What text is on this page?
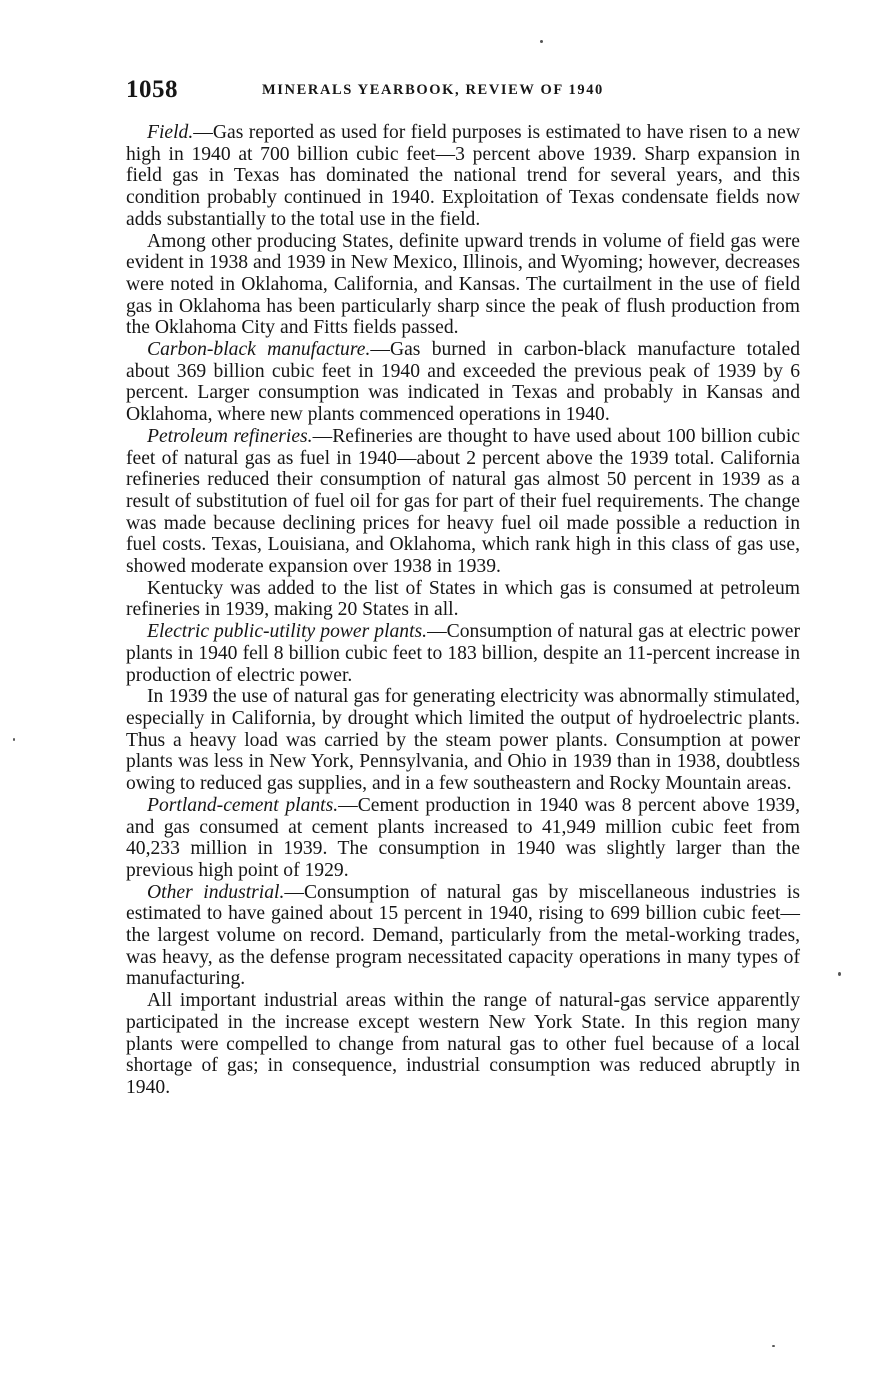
1058	MINERALS YEARBOOK, REVIEW OF 1940

Field.—Gas reported as used for field purposes is estimated to have risen to a new high in 1940 at 700 billion cubic feet—3 percent above 1939. Sharp expansion in field gas in Texas has dominated the national trend for several years, and this condition probably continued in 1940. Exploitation of Texas condensate fields now adds substantially to the total use in the field.

Among other producing States, definite upward trends in volume of field gas were evident in 1938 and 1939 in New Mexico, Illinois, and Wyoming; however, decreases were noted in Oklahoma, California, and Kansas. The curtailment in the use of field gas in Oklahoma has been particularly sharp since the peak of flush production from the Oklahoma City and Fitts fields passed.

Carbon-black manufacture.—Gas burned in carbon-black manufacture totaled about 369 billion cubic feet in 1940 and exceeded the previous peak of 1939 by 6 percent. Larger consumption was indicated in Texas and probably in Kansas and Oklahoma, where new plants commenced operations in 1940.

Petroleum refineries.—Refineries are thought to have used about 100 billion cubic feet of natural gas as fuel in 1940—about 2 percent above the 1939 total. California refineries reduced their consumption of natural gas almost 50 percent in 1939 as a result of substitution of fuel oil for gas for part of their fuel requirements. The change was made because declining prices for heavy fuel oil made possible a reduction in fuel costs. Texas, Louisiana, and Oklahoma, which rank high in this class of gas use, showed moderate expansion over 1938 in 1939.

Kentucky was added to the list of States in which gas is consumed at petroleum refineries in 1939, making 20 States in all.

Electric public-utility power plants.—Consumption of natural gas at electric power plants in 1940 fell 8 billion cubic feet to 183 billion, despite an 11-percent increase in production of electric power.

In 1939 the use of natural gas for generating electricity was abnormally stimulated, especially in California, by drought which limited the output of hydroelectric plants. Thus a heavy load was carried by the steam power plants. Consumption at power plants was less in New York, Pennsylvania, and Ohio in 1939 than in 1938, doubtless owing to reduced gas supplies, and in a few southeastern and Rocky Mountain areas.

Portland-cement plants.—Cement production in 1940 was 8 percent above 1939, and gas consumed at cement plants increased to 41,949 million cubic feet from 40,233 million in 1939. The consumption in 1940 was slightly larger than the previous high point of 1929.

Other industrial.—Consumption of natural gas by miscellaneous industries is estimated to have gained about 15 percent in 1940, rising to 699 billion cubic feet—the largest volume on record. Demand, particularly from the metal-working trades, was heavy, as the defense program necessitated capacity operations in many types of manufacturing.

All important industrial areas within the range of natural-gas service apparently participated in the increase except western New York State. In this region many plants were compelled to change from natural gas to other fuel because of a local shortage of gas; in consequence, industrial consumption was reduced abruptly in 1940.
